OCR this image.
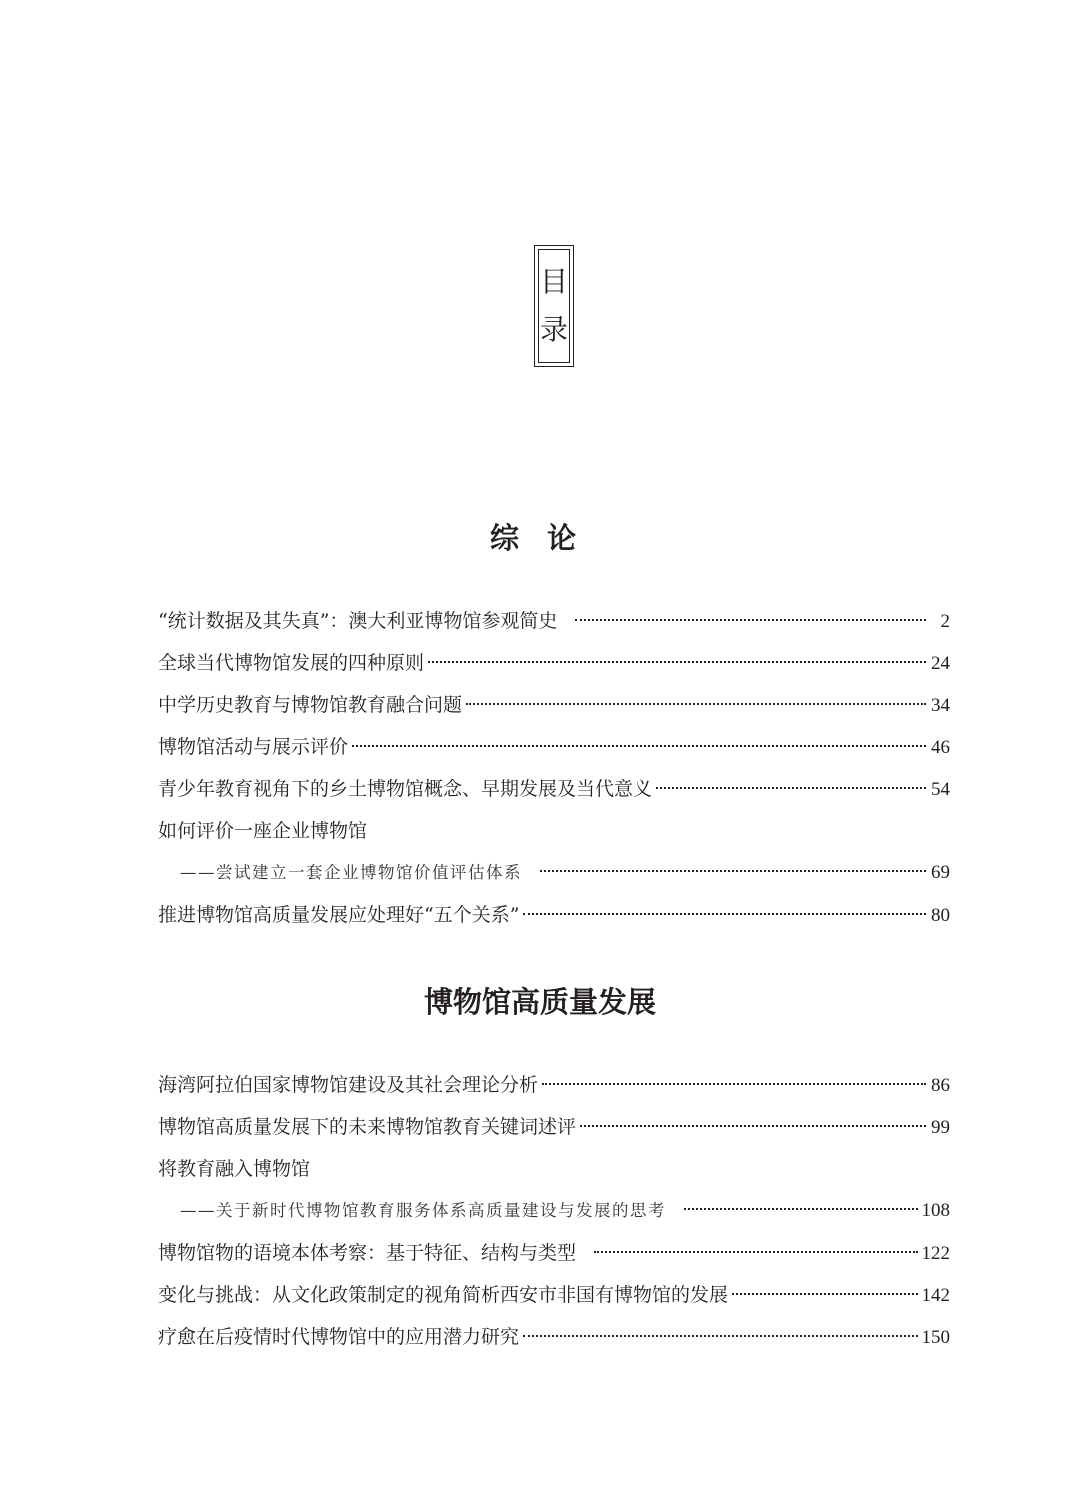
目
录
综论
“统计数据及其失真”：澳大利亚博物馆参观简史	2
全球当代博物馆发展的四种原则	24
中学历史教育与博物馆教育融合问题	34
博物馆活动与展示评价	46
青少年教育视角下的乡土博物馆概念、早期发展及当代意义	54
如何评价一座企业博物馆
——尝试建立一套企业博物馆价值评估体系	69
推进博物馆高质量发展应处理好“五个关系”	80
博物馆高质量发展
海湾阿拉伯国家博物馆建设及其社会理论分析	86
博物馆高质量发展下的未来博物馆教育关键词述评	99
将教育融入博物馆
——关于新时代博物馆教育服务体系高质量建设与发展的思考	108
博物馆物的语境本体考察：基于特征、结构与类型	122
变化与挑战：从文化政策制定的视角简析西安市非国有博物馆的发展	142
疗愈在后疫情时代博物馆中的应用潜力研究	150
